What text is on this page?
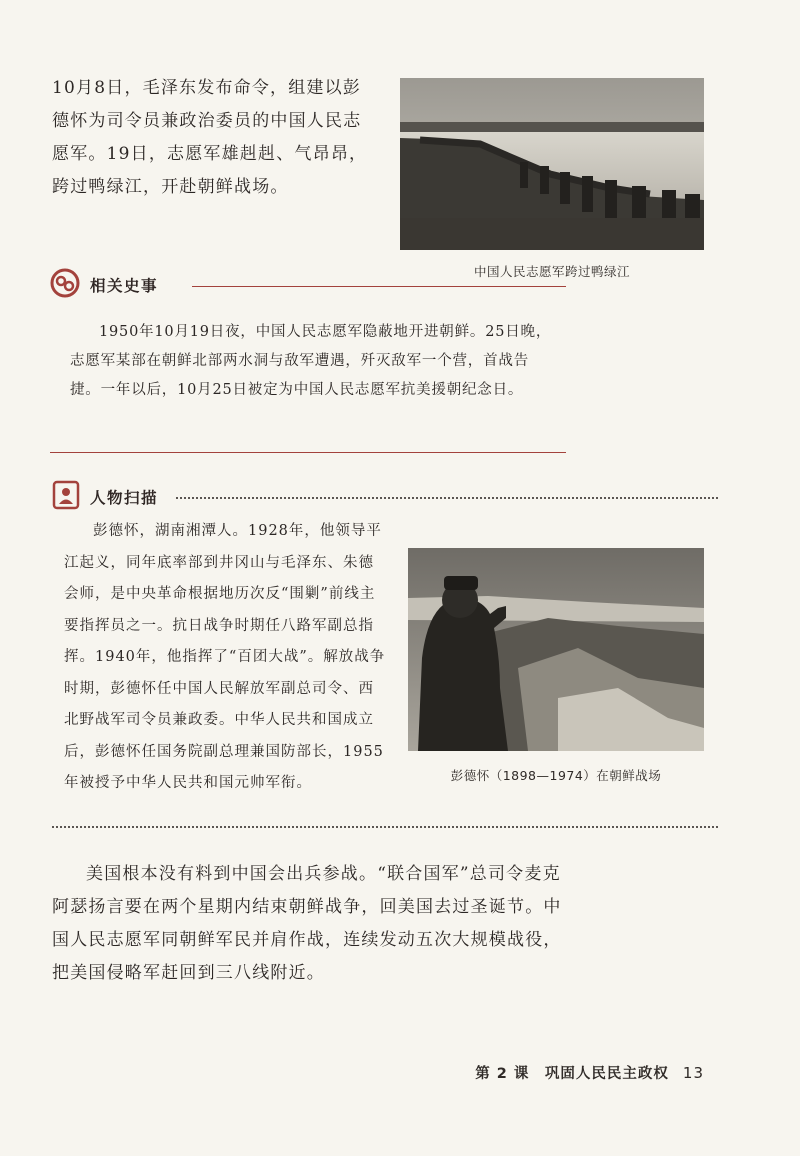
10月8日，毛泽东发布命令，组建以彭德怀为司令员兼政治委员的中国人民志愿军。19日，志愿军雄赳赳、气昂昂，跨过鸭绿江，开赴朝鲜战场。
中国人民志愿军跨过鸭绿江
相关史事
1950年10月19日夜，中国人民志愿军隐蔽地开进朝鲜。25日晚，志愿军某部在朝鲜北部两水洞与敌军遭遇，歼灭敌军一个营，首战告捷。一年以后，10月25日被定为中国人民志愿军抗美援朝纪念日。
人物扫描
彭德怀，湖南湘潭人。1928年，他领导平江起义，同年底率部到井冈山与毛泽东、朱德会师，是中央革命根据地历次反“围剿”前线主要指挥员之一。抗日战争时期任八路军副总指挥。1940年，他指挥了“百团大战”。解放战争时期，彭德怀任中国人民解放军副总司令、西北野战军司令员兼政委。中华人民共和国成立后，彭德怀任国务院副总理兼国防部长，1955年被授予中华人民共和国元帅军衔。	彭德怀（1898—1974）在朝鲜战场
美国根本没有料到中国会出兵参战。“联合国军”总司令麦克阿瑟扬言要在两个星期内结束朝鲜战争，回美国去过圣诞节。中国人民志愿军同朝鲜军民并肩作战，连续发动五次大规模战役，把美国侵略军赶回到三八线附近。
第 2 课　巩固人民民主政权 13
